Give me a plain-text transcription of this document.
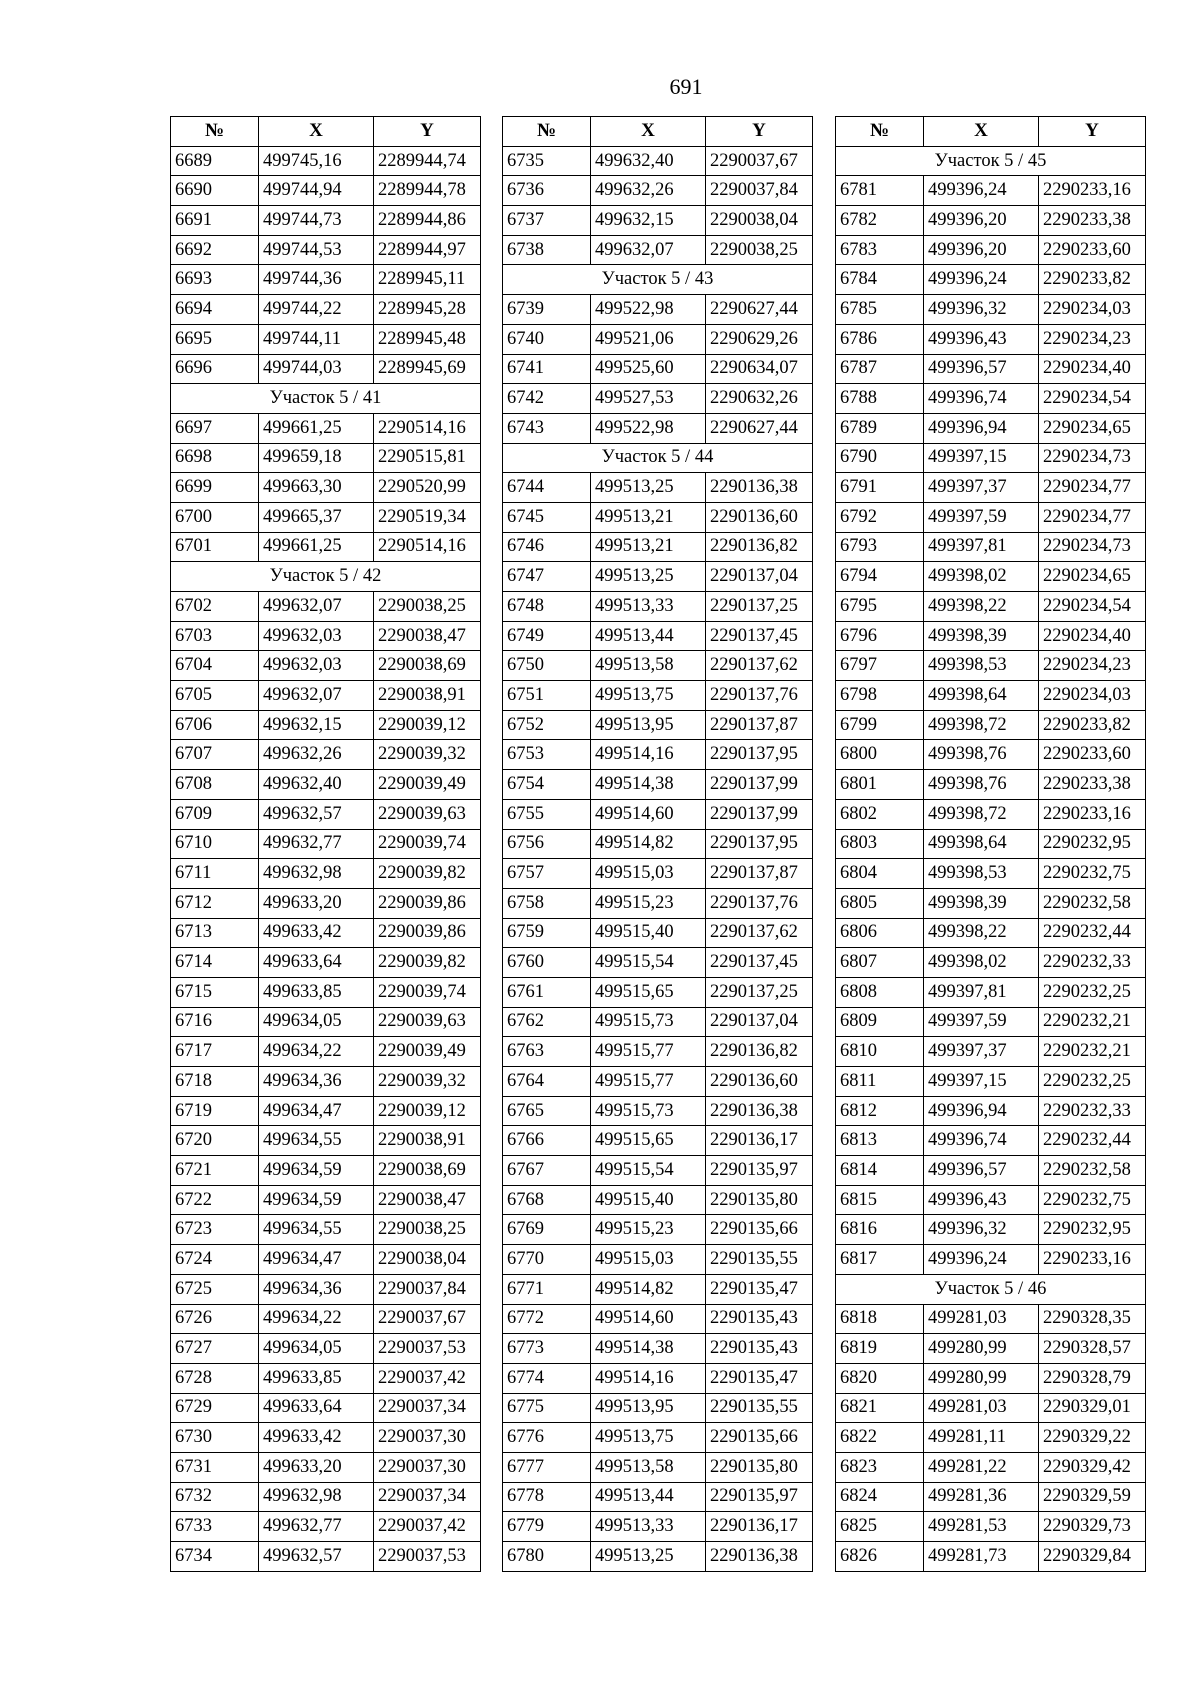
691
№	X	Y
6689	499745,16	2289944,74
6690	499744,94	2289944,78
6691	499744,73	2289944,86
6692	499744,53	2289944,97
6693	499744,36	2289945,11
6694	499744,22	2289945,28
6695	499744,11	2289945,48
6696	499744,03	2289945,69
Участок 5 / 41		
6697	499661,25	2290514,16
6698	499659,18	2290515,81
6699	499663,30	2290520,99
6700	499665,37	2290519,34
6701	499661,25	2290514,16
Участок 5 / 42		
6702	499632,07	2290038,25
6703	499632,03	2290038,47
6704	499632,03	2290038,69
6705	499632,07	2290038,91
6706	499632,15	2290039,12
6707	499632,26	2290039,32
6708	499632,40	2290039,49
6709	499632,57	2290039,63
6710	499632,77	2290039,74
6711	499632,98	2290039,82
6712	499633,20	2290039,86
6713	499633,42	2290039,86
6714	499633,64	2290039,82
6715	499633,85	2290039,74
6716	499634,05	2290039,63
6717	499634,22	2290039,49
6718	499634,36	2290039,32
6719	499634,47	2290039,12
6720	499634,55	2290038,91
6721	499634,59	2290038,69
6722	499634,59	2290038,47
6723	499634,55	2290038,25
6724	499634,47	2290038,04
6725	499634,36	2290037,84
6726	499634,22	2290037,67
6727	499634,05	2290037,53
6728	499633,85	2290037,42
6729	499633,64	2290037,34
6730	499633,42	2290037,30
6731	499633,20	2290037,30
6732	499632,98	2290037,34
6733	499632,77	2290037,42
6734	499632,57	2290037,53
№	X	Y
6735	499632,40	2290037,67
6736	499632,26	2290037,84
6737	499632,15	2290038,04
6738	499632,07	2290038,25
Участок 5 / 43		
6739	499522,98	2290627,44
6740	499521,06	2290629,26
6741	499525,60	2290634,07
6742	499527,53	2290632,26
6743	499522,98	2290627,44
Участок 5 / 44		
6744	499513,25	2290136,38
6745	499513,21	2290136,60
6746	499513,21	2290136,82
6747	499513,25	2290137,04
6748	499513,33	2290137,25
6749	499513,44	2290137,45
6750	499513,58	2290137,62
6751	499513,75	2290137,76
6752	499513,95	2290137,87
6753	499514,16	2290137,95
6754	499514,38	2290137,99
6755	499514,60	2290137,99
6756	499514,82	2290137,95
6757	499515,03	2290137,87
6758	499515,23	2290137,76
6759	499515,40	2290137,62
6760	499515,54	2290137,45
6761	499515,65	2290137,25
6762	499515,73	2290137,04
6763	499515,77	2290136,82
6764	499515,77	2290136,60
6765	499515,73	2290136,38
6766	499515,65	2290136,17
6767	499515,54	2290135,97
6768	499515,40	2290135,80
6769	499515,23	2290135,66
6770	499515,03	2290135,55
6771	499514,82	2290135,47
6772	499514,60	2290135,43
6773	499514,38	2290135,43
6774	499514,16	2290135,47
6775	499513,95	2290135,55
6776	499513,75	2290135,66
6777	499513,58	2290135,80
6778	499513,44	2290135,97
6779	499513,33	2290136,17
6780	499513,25	2290136,38
№	X	Y
Участок 5 / 45		
6781	499396,24	2290233,16
6782	499396,20	2290233,38
6783	499396,20	2290233,60
6784	499396,24	2290233,82
6785	499396,32	2290234,03
6786	499396,43	2290234,23
6787	499396,57	2290234,40
6788	499396,74	2290234,54
6789	499396,94	2290234,65
6790	499397,15	2290234,73
6791	499397,37	2290234,77
6792	499397,59	2290234,77
6793	499397,81	2290234,73
6794	499398,02	2290234,65
6795	499398,22	2290234,54
6796	499398,39	2290234,40
6797	499398,53	2290234,23
6798	499398,64	2290234,03
6799	499398,72	2290233,82
6800	499398,76	2290233,60
6801	499398,76	2290233,38
6802	499398,72	2290233,16
6803	499398,64	2290232,95
6804	499398,53	2290232,75
6805	499398,39	2290232,58
6806	499398,22	2290232,44
6807	499398,02	2290232,33
6808	499397,81	2290232,25
6809	499397,59	2290232,21
6810	499397,37	2290232,21
6811	499397,15	2290232,25
6812	499396,94	2290232,33
6813	499396,74	2290232,44
6814	499396,57	2290232,58
6815	499396,43	2290232,75
6816	499396,32	2290232,95
6817	499396,24	2290233,16
Участок 5 / 46		
6818	499281,03	2290328,35
6819	499280,99	2290328,57
6820	499280,99	2290328,79
6821	499281,03	2290329,01
6822	499281,11	2290329,22
6823	499281,22	2290329,42
6824	499281,36	2290329,59
6825	499281,53	2290329,73
6826	499281,73	2290329,84
